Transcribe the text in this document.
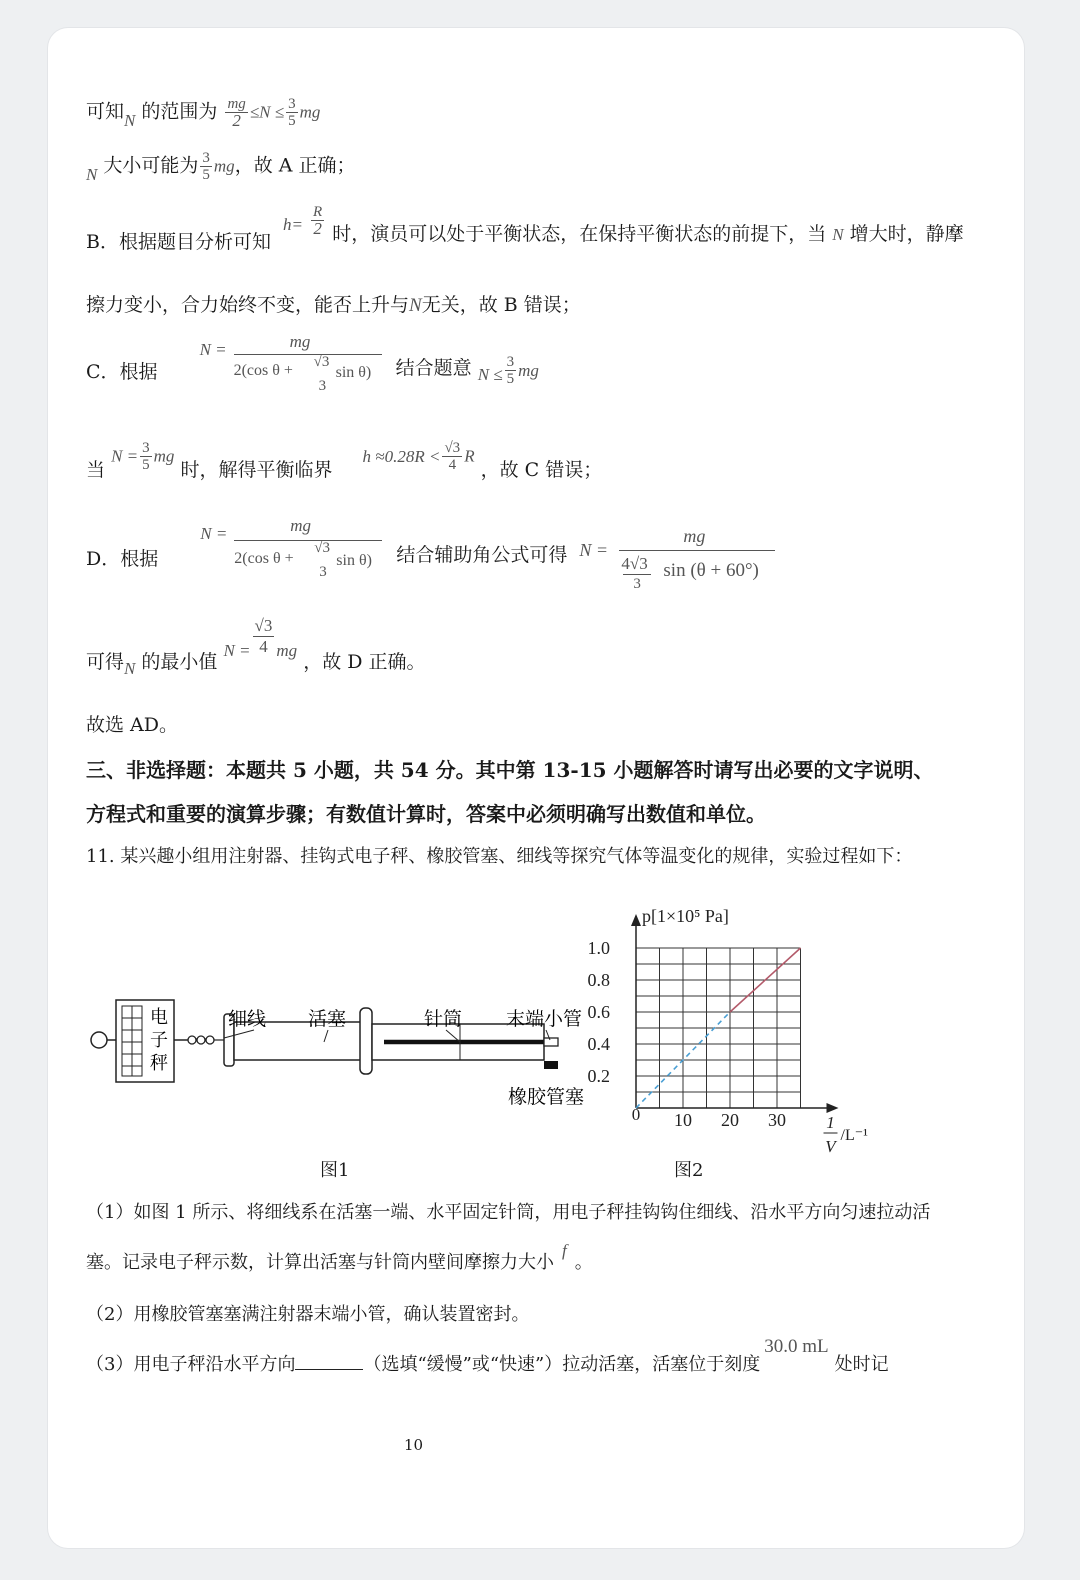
可知N 的范围为 $\frac{mg}{2} \le N \le \frac{3}{5}$ mg
N 大小可能为 $\frac{3}{5}$ mg，故 A 正确；
B．根据题目分析可知 $h= \frac{R}{2}$ 时，演员可以处于平衡状态，在保持平衡状态的前提下，当 N 增大时，静摩
擦力变小，合力始终不变，能否上升与N无关，故 B 错误；
C．根据
N =	mg
2(cos θ + √3
3
sin θ) 结合题意 $N \le \frac{3}{5}$ mg
当 $N = \frac{3}{5}$ mg 时，解得平衡临界 $h \approx 0.28R < \frac{√3}{4}$ R ，故 C 错误；
D．根据
N =	mg
2(cos θ +
√3
3
sin θ) 结合辅助角公式可得 N =
mg
4√3
3
sin (θ + 60°)
可得N 的最小值 $N = \frac{√3}{4}$ mg ，故 D 正确。
故选 AD。
三、非选择题：本题共 5 小题，共 54 分。其中第 13-15 小题解答时请写出必要的文字说明、
方程式和重要的演算步骤；有数值计算时，答案中必须明确写出数值和单位。
11. 某兴趣小组用注射器、挂钩式电子秤、橡胶管塞、细线等探究气体等温变化的规律，实验过程如下：
电
子
秤
细线 活塞	针筒 末端小管
橡胶管塞
图1
0.2
0.4
0.6
0.8
1.0
10 20 30
0
p[1×10⁵ Pa]
1
V
/L⁻¹
图2
（1）如图 1 所示、将细线系在活塞一端、水平固定针筒，用电子秤挂钩钩住细线、沿水平方向匀速拉动活
塞。记录电子秤示数，计算出活塞与针筒内壁间摩擦力大小f。
（2）用橡胶管塞塞满注射器末端小管，确认装置密封。
（3）用电子秤沿水平方向	（选填“缓慢”或“快速”）拉动活塞，活塞位于刻度30.0 mL处时记
10
